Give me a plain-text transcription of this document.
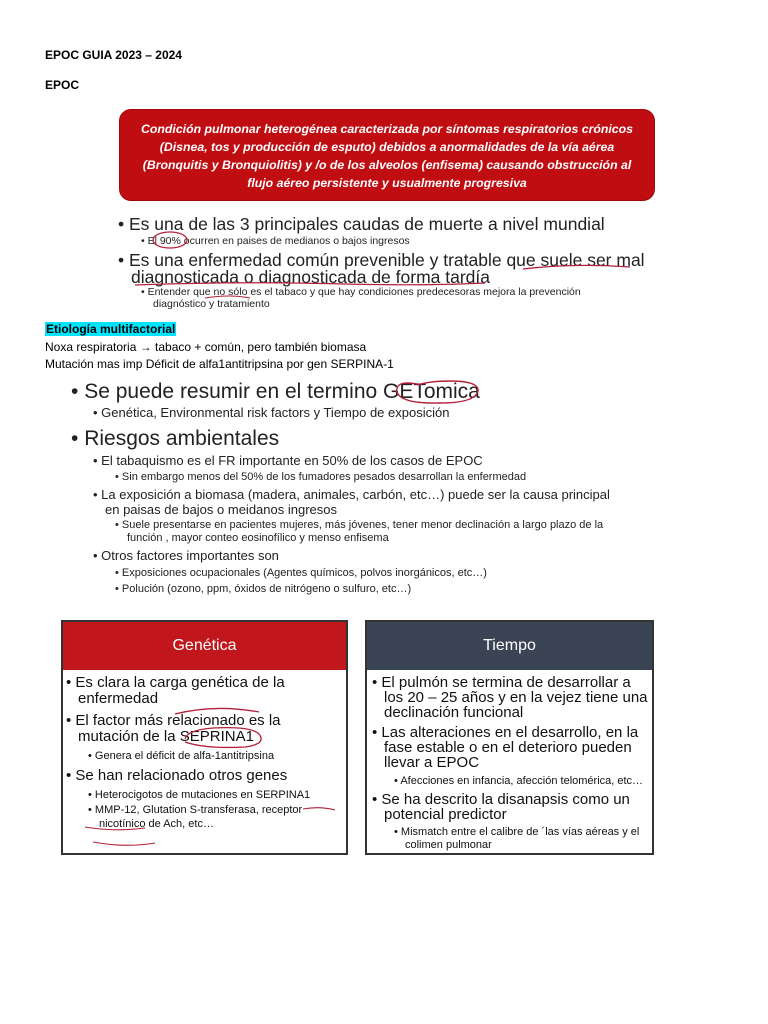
EPOC GUIA 2023 – 2024
EPOC
Condición pulmonar heterogénea caracterizada por síntomas respiratorios crónicos (Disnea, tos y producción de esputo) debidos a anormalidades de la vía aérea (Bronquitis y Bronquiolitis) y /o de los alveolos (enfisema) causando obstrucción al flujo aéreo persistente y usualmente progresiva
• Es una de las 3 principales caudas de muerte a nivel mundial
• El 90% ocurren en paises de medianos o bajos ingresos
• Es una enfermedad común prevenible y tratable que suele ser mal
diagnosticada o diagnosticada de forma tardía
• Entender que no sólo es el tabaco y que hay condiciones predecesoras mejora la prevención
diagnóstico y tratamiento
Etiología multifactorial
Noxa respiratoria → tabaco + común, pero también biomasa
Mutación mas imp Déficit de alfa1antitripsina por gen SERPINA-1
• Se puede resumir en el termino GETomica
• Genética, Environmental risk factors y Tiempo de exposición
• Riesgos ambientales
• El tabaquismo es el FR importante en 50% de los casos de EPOC
• Sin embargo menos del 50% de los fumadores pesados desarrollan la enfermedad
• La exposición a biomasa (madera, animales, carbón, etc…) puede ser la causa principal
en paisas de bajos o meidanos ingresos
• Suele presentarse en pacientes mujeres, más jóvenes, tener menor declinación a largo plazo de la
función , mayor conteo eosinofílico y menso enfisema
• Otros factores importantes son
• Exposiciones ocupacionales (Agentes químicos, polvos inorgánicos, etc…)
• Polución (ozono, ppm, óxidos de nitrógeno o sulfuro, etc…)
Genética
• Es clara la carga genética de la
enfermedad
• El factor más relacionado es la
mutación de la SEPRINA1
• Genera el déficit de alfa-1antitripsina
• Se han relacionado otros genes
• Heterocigotos de mutaciones en SERPINA1
• MMP-12, Glutation S-transferasa, receptor
nicotínico de Ach, etc…
Tiempo
• El pulmón se termina de desarrollar a
los 20 – 25 años y en la vejez tiene una
declinación funcional
• Las alteraciones en el desarrollo, en la
fase estable o en el deterioro pueden
llevar a EPOC
• Afecciones en infancia, afección telomérica, etc…
• Se ha descrito la disanapsis como un
potencial predictor
• Mismatch entre el calibre de ´las vías aéreas y el
colimen pulmonar
